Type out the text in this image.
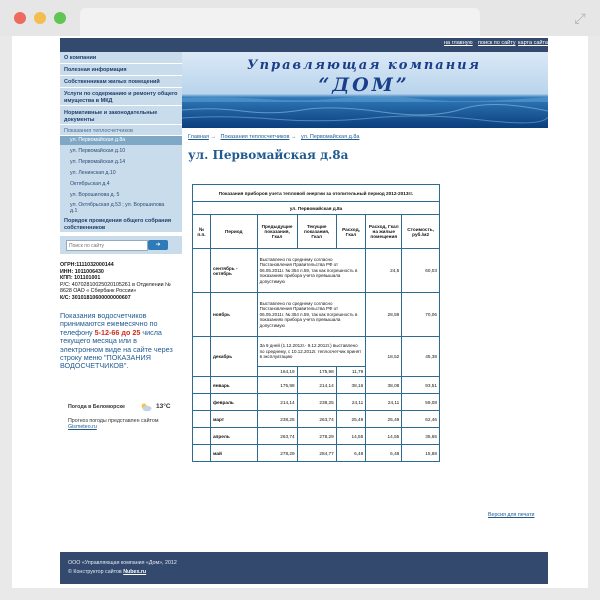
⤢
на главную поиск по сайту карта сайта
О компании
Полезная информация
Собственникам жилых помещений
Услуги по содержанию и ремонту общего имущества в МКД
Нормативные и законодательные документы
Показания теплосчетчиков
ул. Первомайская д.8а
ул. Первомайская д.10
ул. Первомайская д.14
ул. Ленинская д.10
Октябрьская д.4
ул. Ворошилова д. 5
ул. Октябрьская д.53 ; ул. Ворошилова д.1
Порядок проведения общего собрания собственников
Поиск по сайту
➜
ОГРН:1111032000144
ИНН: 1011006430
КПП: 101101001
Р/С: 40702810025020105261 в Отделении № 8628 ОАО « Сбербанк России»
К/С: 30101810600000000607
Показания водосчетчиков принимаются ежемесячно по телефону 5-12-66 до 25 числа текущего месяца или в электронном виде на сайте через строку меню "ПОКАЗАНИЯ ВОДОСЧЕТЧИКОВ".
Погода в Беломорске	13°C
Прогноз погоды представлен сайтом
Gismeteo.ru
Управляющая компания
“ДОМ”
Главная → Показания теплосчетчиков → ул. Первомайская д.8а
ул. Первомайская д.8а
Показания приборов учета тепловой энергии за отопительный период 2012-2013гг.						
ул. Первомайская д.8а						
№ п.п.	Период	Предыдущие показания, Гкал	Текущие показания, Гкал	Расход, Гкал	Расход, Гкал на жилые помещения	Стоимость, руб./м2
	сентябрь - октябрь	Выставлено по среднему согласно Постановления Правительства РФ от 06.05.2011г. № 354 п.59, так как погрешность в показаниях прибора учета превышала допустимую			24,5	60,03
	ноябрь	Выставлено по среднему согласно Постановления Правительства РФ от 06.05.2011г. № 354 п.59, так как погрешность в показаниях прибора учета превышала допустимую			28,59	70,06
	декабрь	За 9 дней (1.12.2012г.- 9.12.2012г.) выставлено по среднему, с 10.12.2012г. теплосчетчик принят в эксплуатацию			18,52	45,38
		164,19	175,98	11,79		
	январь	175,98	214,14	38,16	38,08	93,51
	февраль	214,14	238,25	24,11	24,11	59,08
	март	238,25	263,74	25,49	25,49	62,46
	апрель	263,74	278,29	14,55	14,55	35,65
	май	278,29	284,77	6,48	6,48	15,88
Версия для печати
ООО «Управляющая компания «Дом», 2012
© Конструктор сайтов Nubex.ru
